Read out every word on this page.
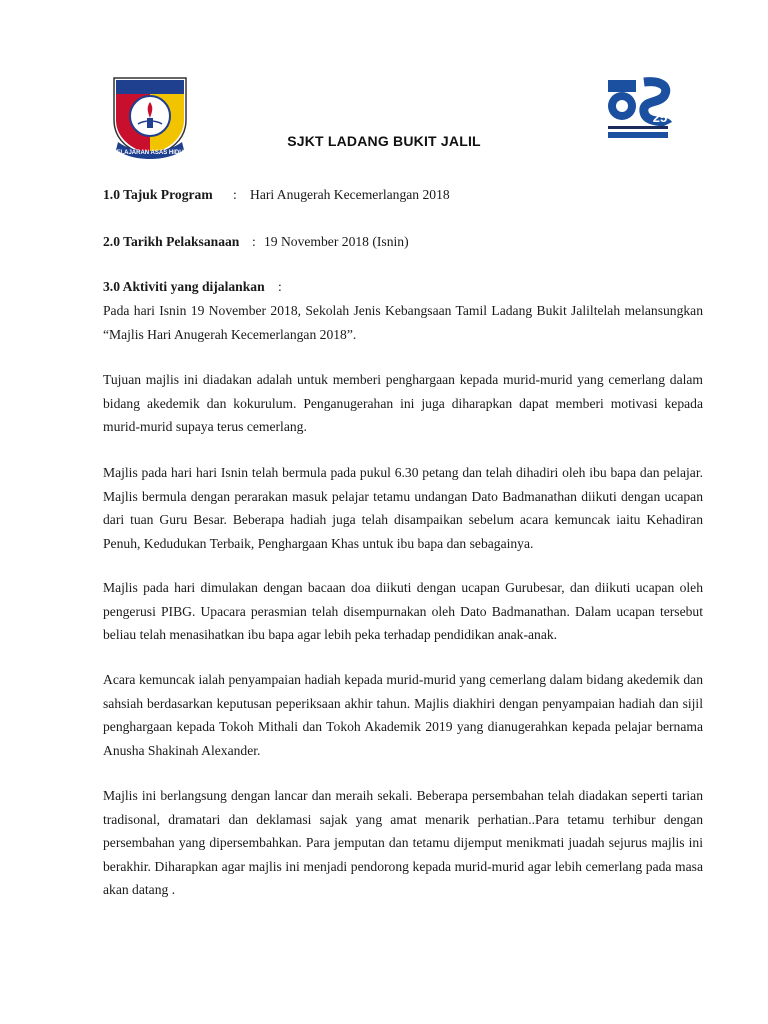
PELAJARAN ASAS HIDUP
25
SJKT LADANG BUKIT JALIL
1.0 Tajuk Program : Hari Anugerah Kecemerlangan 2018
2.0 Tarikh Pelaksanaan : 19 November 2018 (Isnin)
3.0 Aktiviti yang dijalankan :
Pada hari Isnin 19 November 2018, Sekolah Jenis Kebangsaan Tamil Ladang Bukit Jaliltelah melansungkan “Majlis Hari Anugerah Kecemerlangan 2018”.
Tujuan majlis ini diadakan adalah untuk memberi penghargaan kepada murid-murid yang cemerlang dalam bidang akedemik dan kokurulum. Penganugerahan ini juga diharapkan dapat memberi motivasi kepada murid-murid supaya terus cemerlang.
Majlis pada hari hari Isnin telah bermula pada pukul 6.30 petang dan telah dihadiri oleh ibu bapa dan pelajar. Majlis bermula dengan perarakan masuk pelajar tetamu undangan Dato Badmanathan diikuti dengan ucapan dari tuan Guru Besar. Beberapa hadiah juga telah disampaikan sebelum acara kemuncak iaitu Kehadiran Penuh, Kedudukan Terbaik, Penghargaan Khas untuk ibu bapa dan sebagainya.
Majlis pada hari dimulakan dengan bacaan doa diikuti dengan ucapan Gurubesar, dan diikuti ucapan oleh pengerusi PIBG. Upacara perasmian telah disempurnakan oleh Dato Badmanathan. Dalam ucapan tersebut beliau telah menasihatkan ibu bapa agar lebih peka terhadap pendidikan anak-anak.
Acara kemuncak ialah penyampaian hadiah kepada murid-murid yang cemerlang dalam bidang akedemik dan sahsiah berdasarkan keputusan peperiksaan akhir tahun. Majlis diakhiri dengan penyampaian hadiah dan sijil penghargaan kepada Tokoh Mithali dan Tokoh Akademik 2019 yang dianugerahkan kepada pelajar bernama Anusha Shakinah Alexander.
Majlis ini berlangsung dengan lancar dan meraih sekali. Beberapa persembahan telah diadakan seperti tarian tradisonal, dramatari dan deklamasi sajak yang amat menarik perhatian..Para tetamu terhibur dengan persembahan yang dipersembahkan. Para jemputan dan tetamu dijemput menikmati juadah sejurus majlis ini berakhir. Diharapkan agar majlis ini menjadi pendorong kepada murid-murid agar lebih cemerlang pada masa akan datang .
